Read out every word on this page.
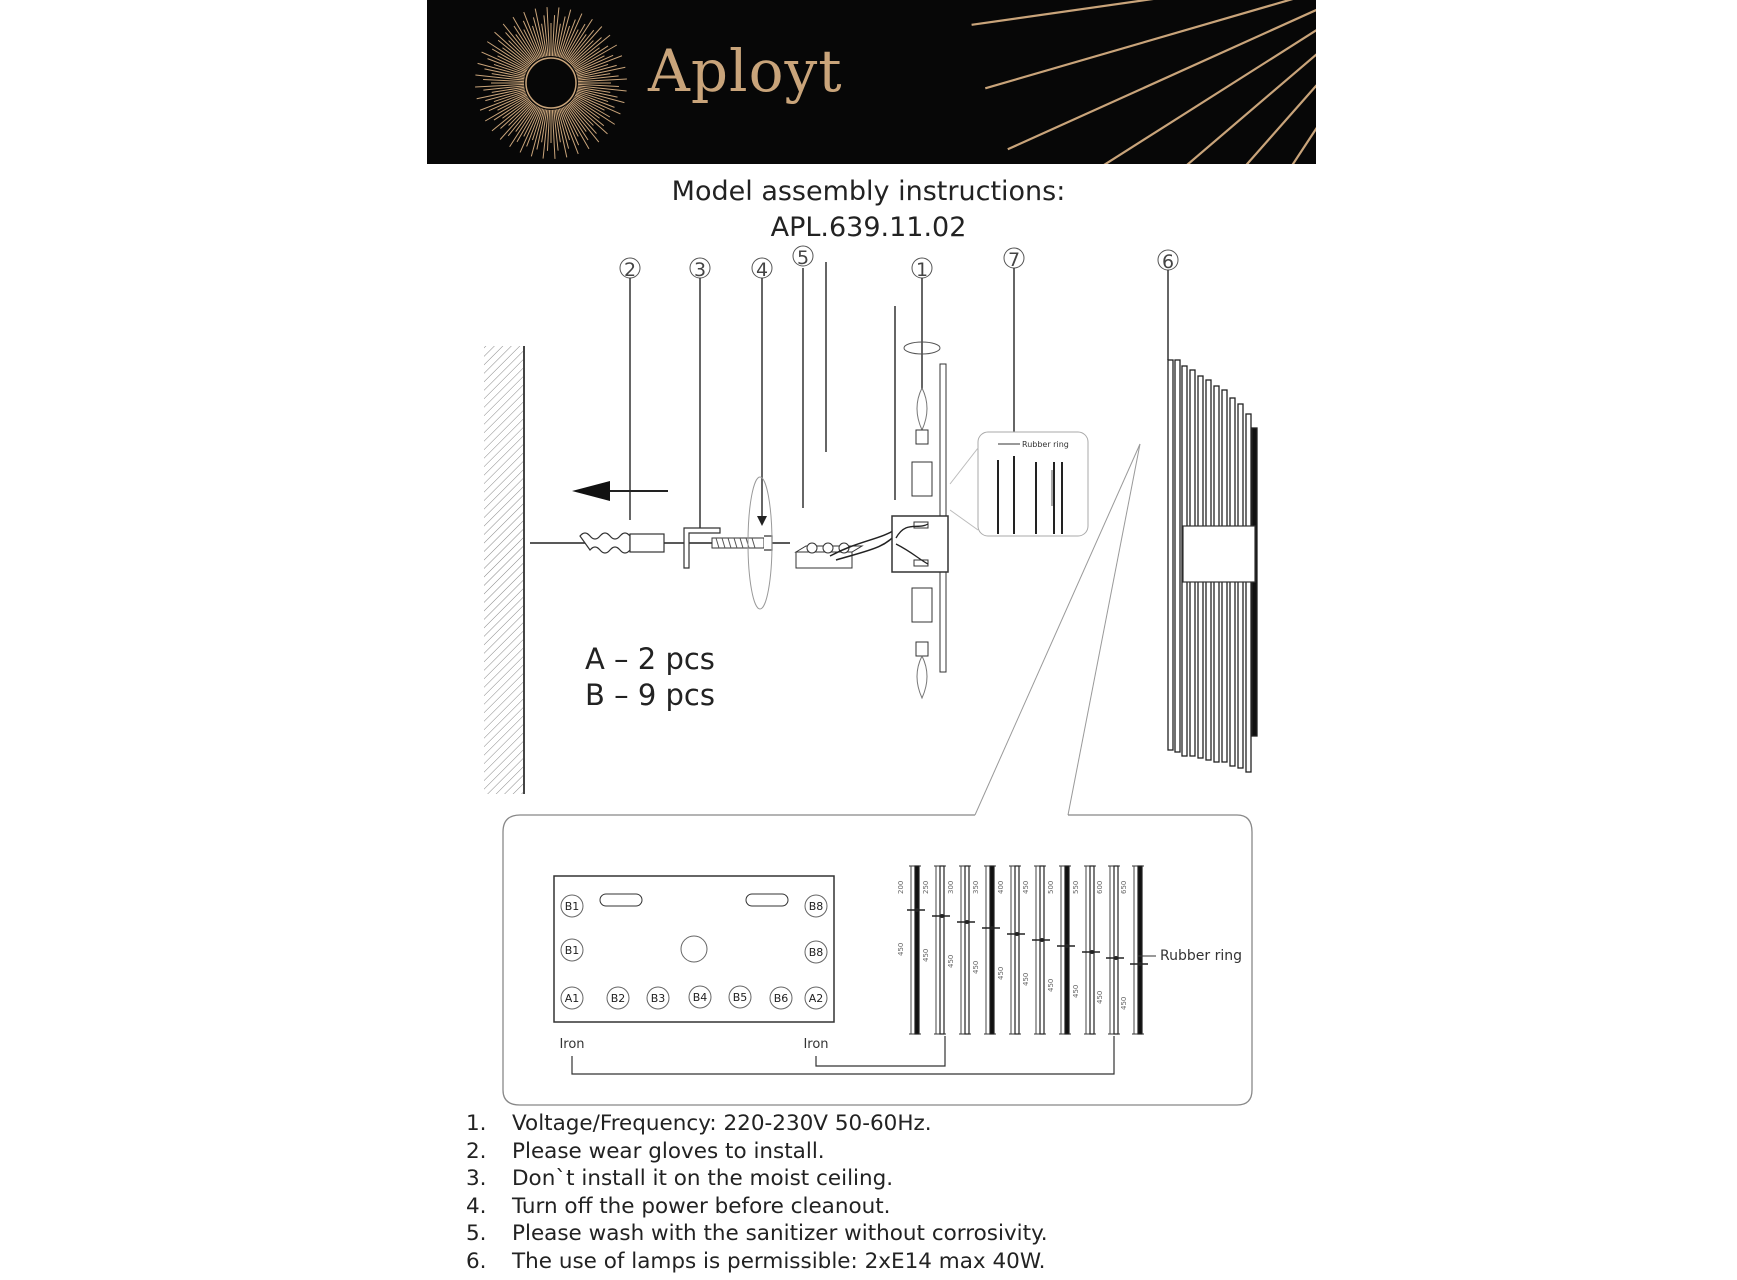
Aployt
Model assembly instructions:
APL.639.11.02
2	3	4
5
1	7	6
Rubber ring
B1	B8
B1	B8
A1	B2 B3 B4 B5 B6 A2
Iron	Iron
200
450
250
450
300
450
350
450
400
450
450
450
500
450
550
450
600
450
650
450
Rubber ring
A – 2 pcs
B – 9 pcs
1. Voltage/Frequency: 220-230V 50-60Hz.
2. Please wear gloves to install.
3. Don`t install it on the moist ceiling.
4. Turn off the power before cleanout.
5. Please wash with the sanitizer without corrosivity.
6. The use of lamps is permissible: 2xE14 max 40W.
